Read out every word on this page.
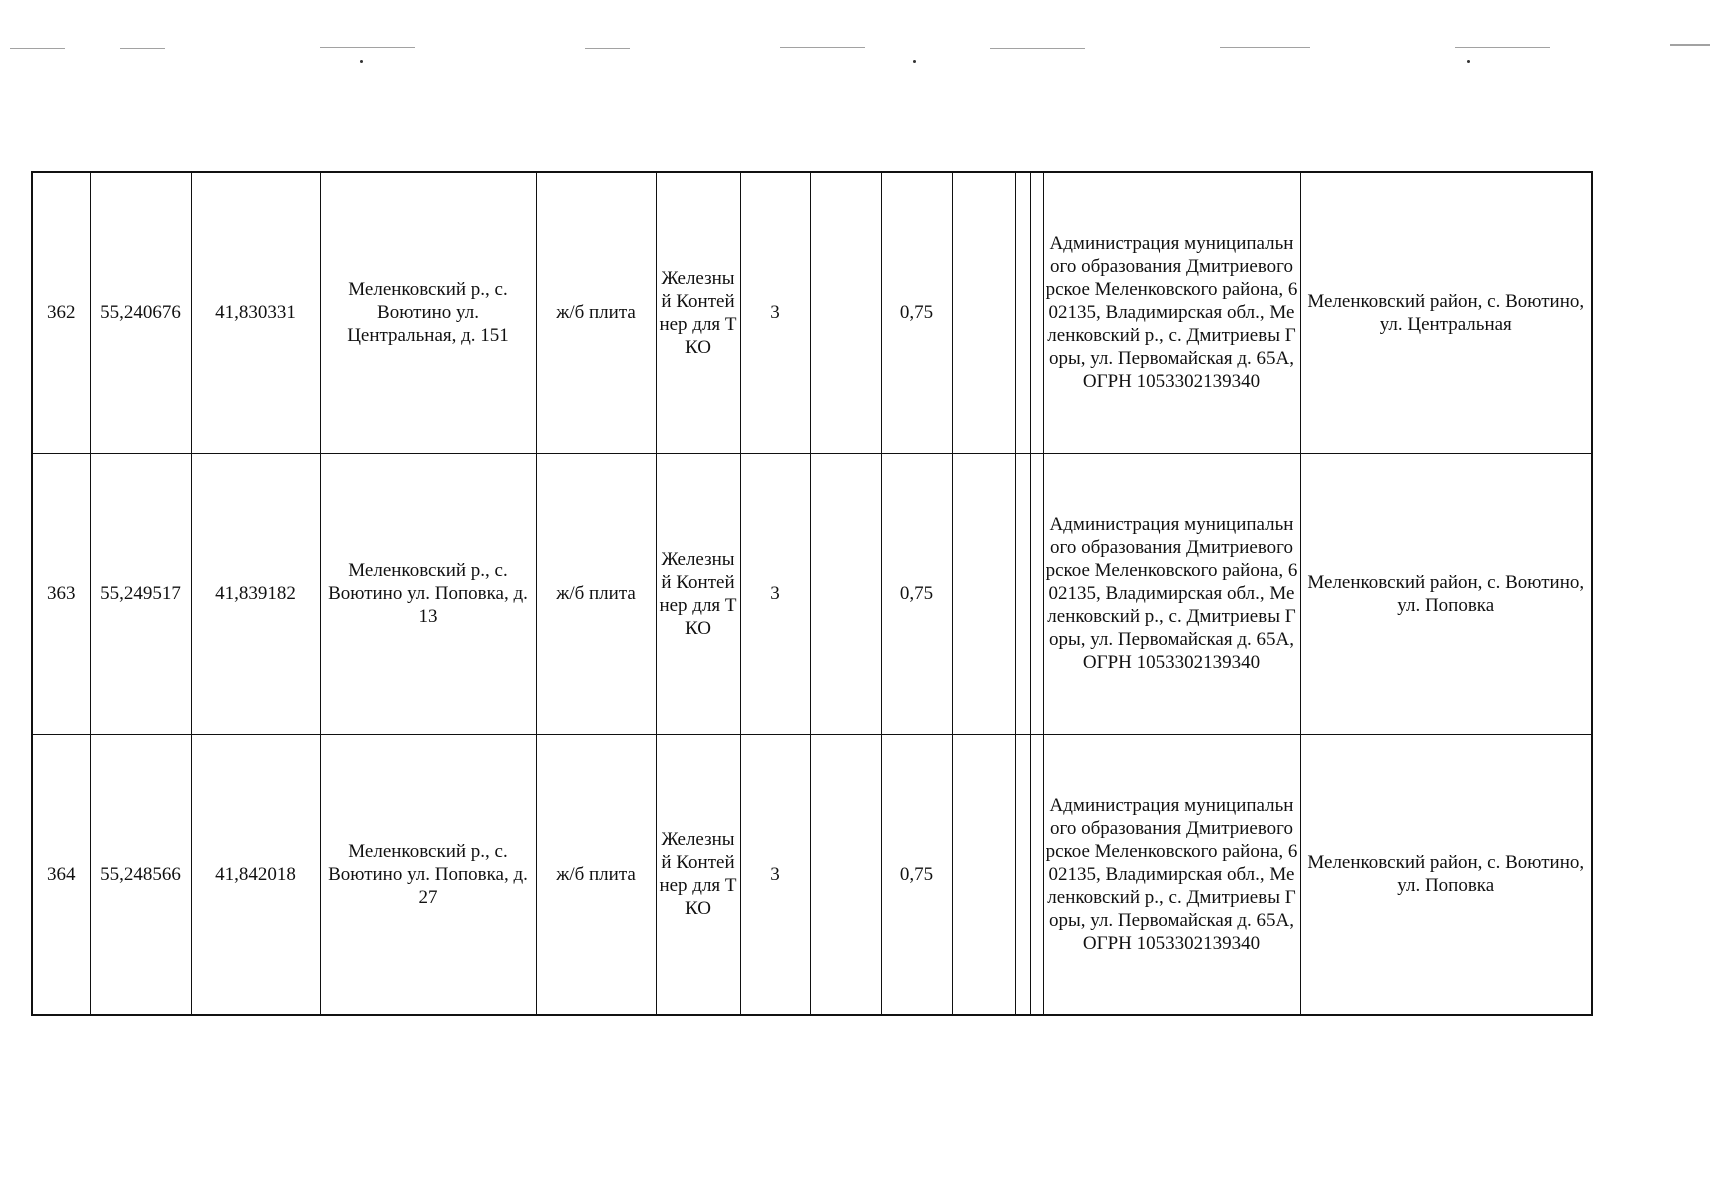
362	55,240676	41,830331	Меленковский р., с. Воютино ул. Центральная, д. 151	ж/б плита	Железный Контейнер для ТКО	3		0,75				Администрация муниципального образования Дмитриевогорское Меленковского района, 602135, Владимирская обл., Меленковский р., с. Дмитриевы Горы, ул. Первомайская д. 65А, ОГРН 1053302139340	Меленковский район, с. Воютино, ул. Центральная
363	55,249517	41,839182	Меленковский р., с. Воютино ул. Поповка, д. 13	ж/б плита	Железный Контейнер для ТКО	3		0,75				Администрация муниципального образования Дмитриевогорское Меленковского района, 602135, Владимирская обл., Меленковский р., с. Дмитриевы Горы, ул. Первомайская д. 65А, ОГРН 1053302139340	Меленковский район, с. Воютино, ул. Поповка
364	55,248566	41,842018	Меленковский р., с. Воютино ул. Поповка, д. 27	ж/б плита	Железный Контейнер для ТКО	3		0,75				Администрация муниципального образования Дмитриевогорское Меленковского района, 602135, Владимирская обл., Меленковский р., с. Дмитриевы Горы, ул. Первомайская д. 65А, ОГРН 1053302139340	Меленковский район, с. Воютино, ул. Поповка
